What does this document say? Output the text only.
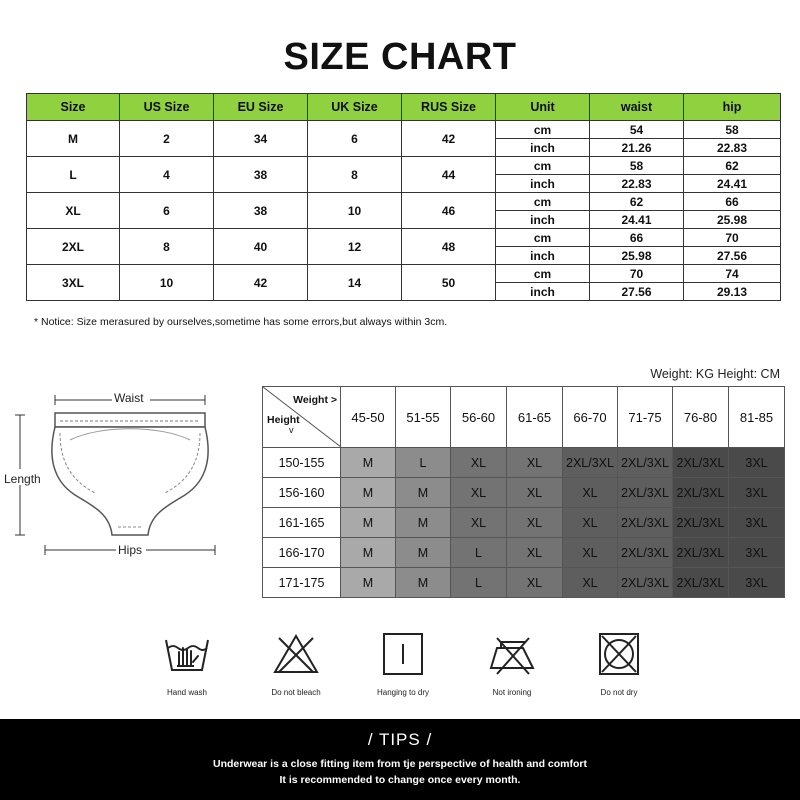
SIZE CHART
Size	US Size	EU Size	UK Size	RUS Size	Unit	waist	hip
M	2	34	6	42	cm	54	58
					inch	21.26	22.83
L	4	38	8	44	cm	58	62
					inch	22.83	24.41
XL	6	38	10	46	cm	62	66
					inch	24.41	25.98
2XL	8	40	12	48	cm	66	70
					inch	25.98	27.56
3XL	10	42	14	50	cm	70	74
					inch	27.56	29.13
* Notice: Size merasured by ourselves,sometime has some errors,but always within 3cm.
Weight: KG Height: CM
Waist
Length
Hips
Weight >
Height
v	45-50	51-55	56-60	61-65	66-70	71-75	76-80	81-85
150-155	M	L	XL	XL	2XL/3XL	2XL/3XL	2XL/3XL	3XL
156-160	M	M	XL	XL	XL	2XL/3XL	2XL/3XL	3XL
161-165	M	M	XL	XL	XL	2XL/3XL	2XL/3XL	3XL
166-170	M	M	L	XL	XL	2XL/3XL	2XL/3XL	3XL
171-175	M	M	L	XL	XL	2XL/3XL	2XL/3XL	3XL
Hand wash	Do not bleach	Hanging to dry	Not ironing	Do not dry
/ TIPS /
Underwear is a close fitting item from tje perspective of health and comfort
It is recommended to change once every month.
